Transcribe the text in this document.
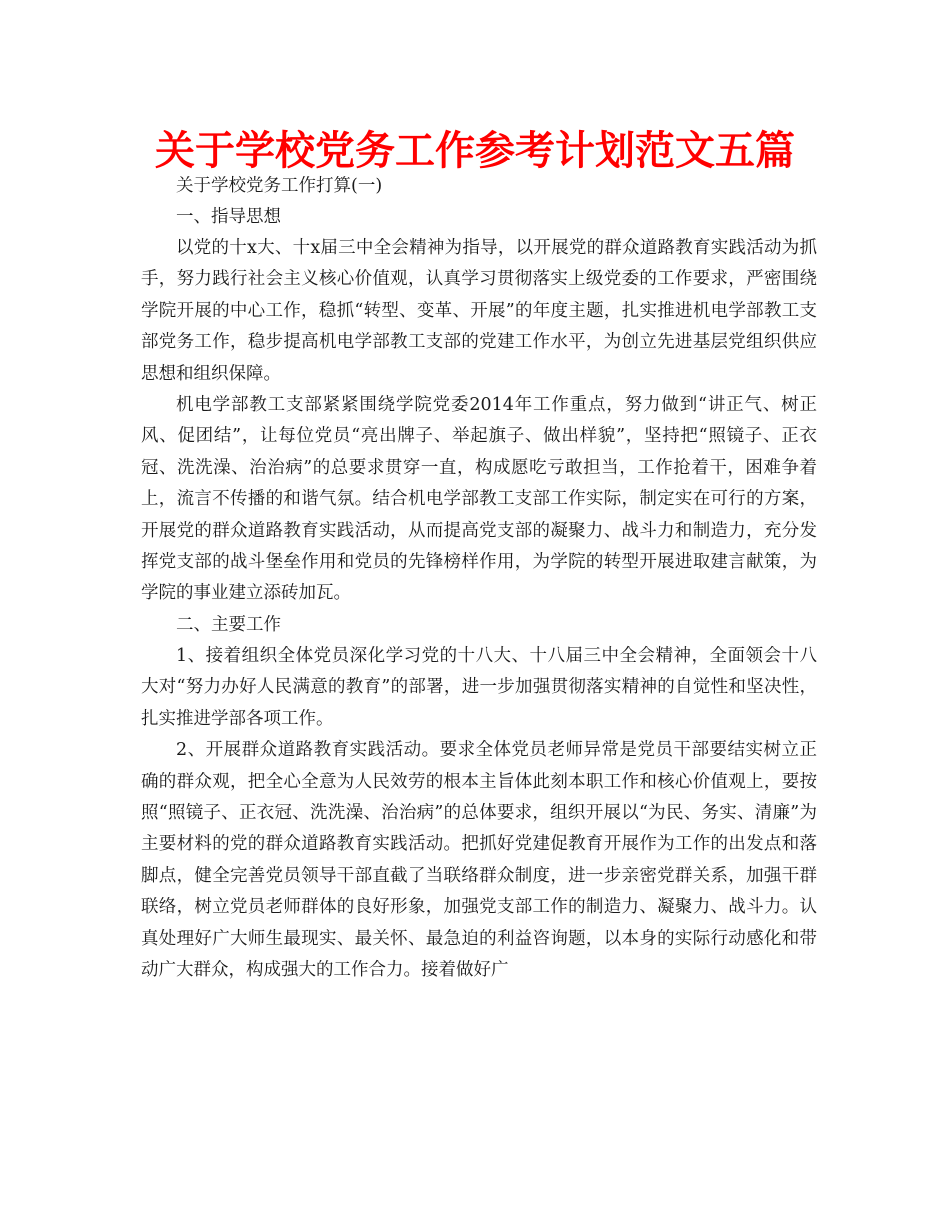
关于学校党务工作参考计划范文五篇
关于学校党务工作打算(一)
一、指导思想

以党的十x大、十x届三中全会精神为指导，以开展党的群众道路教育实践活动为抓手，努力践行社会主义核心价值观，认真学习贯彻落实上级党委的工作要求，严密围绕学院开展的中心工作，稳抓“转型、变革、开展”的年度主题，扎实推进机电学部教工支部党务工作，稳步提高机电学部教工支部的党建工作水平，为创立先进基层党组织供应思想和组织保障。

机电学部教工支部紧紧围绕学院党委2014年工作重点，努力做到“讲正气、树正风、促团结”，让每位党员“亮出牌子、举起旗子、做出样貌”，坚持把“照镜子、正衣冠、洗洗澡、治治病”的总要求贯穿一直，构成愿吃亏敢担当，工作抢着干，困难争着上，流言不传播的和谐气氛。结合机电学部教工支部工作实际，制定实在可行的方案，开展党的群众道路教育实践活动，从而提高党支部的凝聚力、战斗力和制造力，充分发挥党支部的战斗堡垒作用和党员的先锋榜样作用，为学院的转型开展进取建言献策，为学院的事业建立添砖加瓦。

二、主要工作

1、接着组织全体党员深化学习党的十八大、十八届三中全会精神，全面领会十八大对“努力办好人民满意的教育”的部署，进一步加强贯彻落实精神的自觉性和坚决性，扎实推进学部各项工作。

2、开展群众道路教育实践活动。要求全体党员老师异常是党员干部要结实树立正确的群众观，把全心全意为人民效劳的根本主旨体此刻本职工作和核心价值观上，要按照“照镜子、正衣冠、洗洗澡、治治病”的总体要求，组织开展以“为民、务实、清廉”为主要材料的党的群众道路教育实践活动。把抓好党建促教育开展作为工作的出发点和落脚点，健全完善党员领导干部直截了当联络群众制度，进一步亲密党群关系，加强干群联络，树立党员老师群体的良好形象，加强党支部工作的制造力、凝聚力、战斗力。认真处理好广大师生最现实、最关怀、最急迫的利益咨询题，以本身的实际行动感化和带动广大群众，构成强大的工作合力。接着做好广
